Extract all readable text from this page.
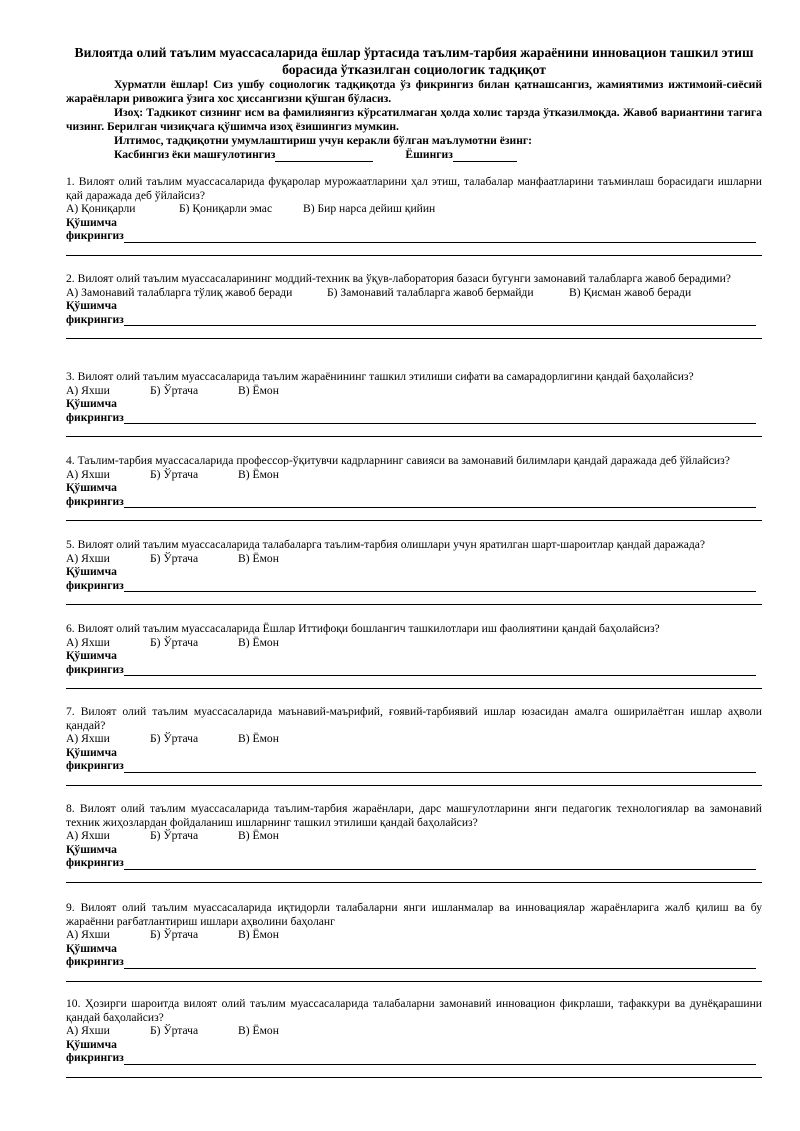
Вилоятда олий таълим муассасаларида ёшлар ўртасида таълим-тарбия жараёнини инновацион ташкил этиш борасида ўтказилган социологик тадқиқот

Хурматли ёшлар! Сиз ушбу социологик тадқиқотда ўз фикрингиз билан қатнашсангиз, жамиятимиз ижтимоий-сиёсий жараёнлари ривожига ўзига хос ҳиссангизни қўшган бўласиз.

Изоҳ: Тадкикот сизнинг исм ва фамилиянгиз кўрсатилмаган ҳолда холис тарзда ўтказилмоқда. Жавоб вариантини тагига чизинг. Берилган чизиқчага қўшимча изоҳ ёзишингиз мумкин.

Илтимос, тадқиқотни умумлаштириш учун керакли бўлган маълумотни ёзинг:

Касбингиз ёки машғулотингиз	Ёшингиз
1. Вилоят олий таълим муассасаларида фуқаролар мурожаатларини ҳал этиш, талабалар манфаатларини таъминлаш борасидаги ишларни қай даражада деб ўйлайсиз?
А) Қониқарли	Б) Қониқарли эмас	В) Бир нарса дейиш қийин
Қўшимча
фикрингиз
2. Вилоят олий таълим муассасаларининг моддий-техник ва ўқув-лаборатория базаси бугунги замонавий талабларга жавоб берадими?
А) Замонавий талабларга тўлиқ жавоб беради	Б) Замонавий талабларга жавоб бермайди	В) Қисман жавоб беради
Қўшимча
фикрингиз
3. Вилоят олий таълим муассасаларида таълим жараёнининг ташкил этилиши сифати ва самарадорлигини қандай баҳолайсиз?
А) Яхши	Б) Ўртача	В) Ёмон
Қўшимча
фикрингиз
4. Таълим-тарбия муассасаларида профессор-ўқитувчи кадрларнинг савияси ва замонавий билимлари қандай даражада деб ўйлайсиз?
А) Яхши	Б) Ўртача	В) Ёмон
Қўшимча
фикрингиз
5. Вилоят олий таълим муассасаларида талабаларга таълим-тарбия олишлари учун яратилган шарт-шароитлар қандай даражада?
А) Яхши	Б) Ўртача	В) Ёмон
Қўшимча
фикрингиз
6. Вилоят олий таълим муассасаларида Ёшлар Иттифоқи бошлангич ташкилотлари иш фаолиятини қандай баҳолайсиз?
А) Яхши	Б) Ўртача	В) Ёмон
Қўшимча
фикрингиз
7. Вилоят олий таълим муассасаларида маънавий-маърифий, ғоявий-тарбиявий ишлар юзасидан амалга оширилаётган ишлар аҳволи қандай?
А) Яхши	Б) Ўртача	В) Ёмон
Қўшимча
фикрингиз
8. Вилоят олий таълим муассасаларида таълим-тарбия жараёнлари, дарс машғулотларини янги педагогик технологиялар ва замонавий техник жиҳозлардан фойдаланиш ишларнинг ташкил этилиши қандай баҳолайсиз?
А) Яхши	Б) Ўртача	В) Ёмон
Қўшимча
фикрингиз
9. Вилоят олий таълим муассасаларида иқтидорли талабаларни янги ишланмалар ва инновациялар жараёнларига жалб қилиш ва бу жараённи рағбатлантириш ишлари аҳволини баҳоланг
А) Яхши	Б) Ўртача	В) Ёмон
Қўшимча
фикрингиз
10. Ҳозирги шароитда вилоят олий таълим муассасаларида талабаларни замонавий инновацион фикрлаши, тафаккури ва дунёқарашини қандай баҳолайсиз?
А) Яхши	Б) Ўртача	В) Ёмон
Қўшимча
фикрингиз
